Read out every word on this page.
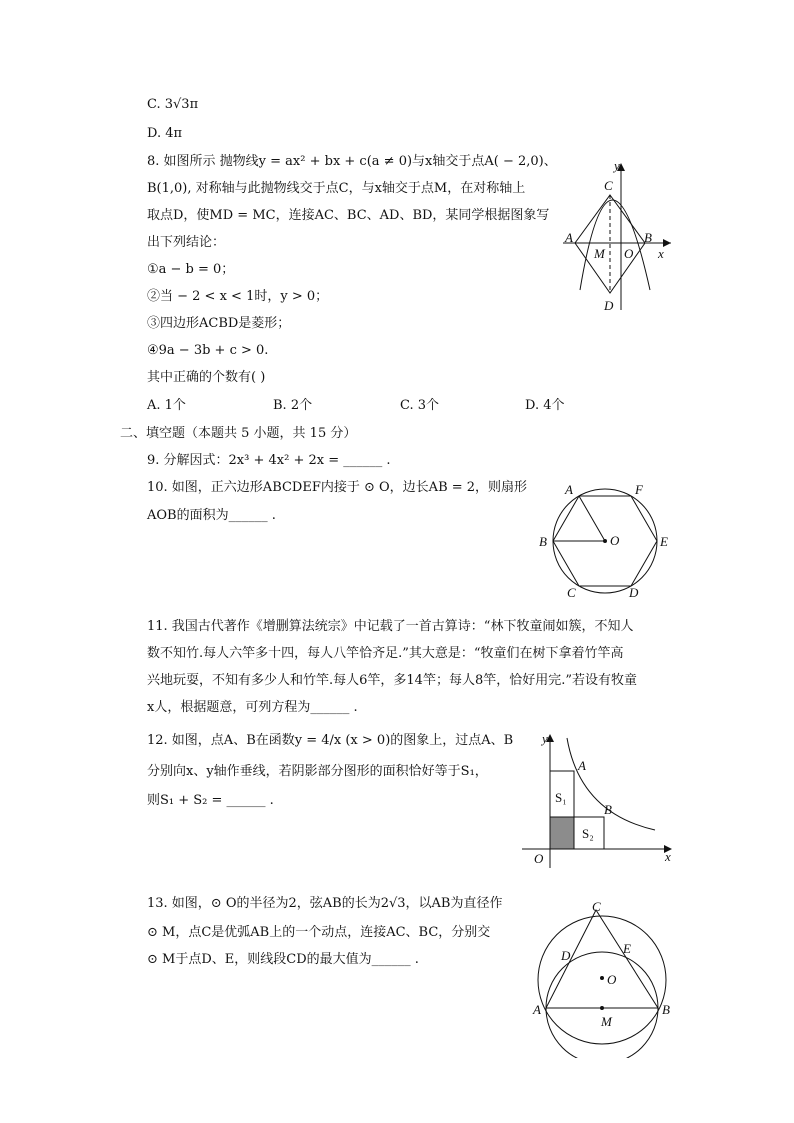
C. 3√3π
D. 4π
8. 如图所示 抛物线y = ax² + bx + c(a ≠ 0)与x轴交于点A( − 2,0)、
B(1,0), 对称轴与此抛物线交于点C，与x轴交于点M，在对称轴上
取点D，使MD = MC，连接AC、BC、AD、BD，某同学根据图象写
出下列结论：
①a − b = 0；
②当 − 2 < x < 1时，y > 0；
③四边形ACBD是菱形；
④9a − 3b + c > 0.
其中正确的个数有( )
A. 1个	B. 2个	C. 3个	D. 4个
y
x
C
A
M O
B
D
二、填空题（本题共 5 小题，共 15 分）
9. 分解因式：2x³ + 4x² + 2x = ______ .
10. 如图，正六边形ABCDEF内接于 ⊙ O，边长AB = 2，则扇形
AOB的面积为______ .
A	F
B	O	E
C	D
11. 我国古代著作《增删算法统宗》中记载了一首古算诗：“林下牧童闹如簇，不知人
数不知竹.每人六竿多十四，每人八竿恰齐足.”其大意是：“牧童们在树下拿着竹竿高
兴地玩耍，不知有多少人和竹竿.每人6竿，多14竿；每人8竿，恰好用完.”若设有牧童
x人，根据题意，可列方程为______ .
12. 如图，点A、B在函数y = 4/x (x > 0)的图象上，过点A、B
分别向x、y轴作垂线，若阴影部分图形的面积恰好等于S₁，
则S₁ + S₂ = ______ .
y
A
S₁
B
S₂
O	x
13. 如图，⊙ O的半径为2，弦AB的长为2√3，以AB为直径作
⊙ M，点C是优弧AB上的一个动点，连接AC、BC，分别交
⊙ M于点D、E，则线段CD的最大值为______ .
C
D	E
O
A	B
M
